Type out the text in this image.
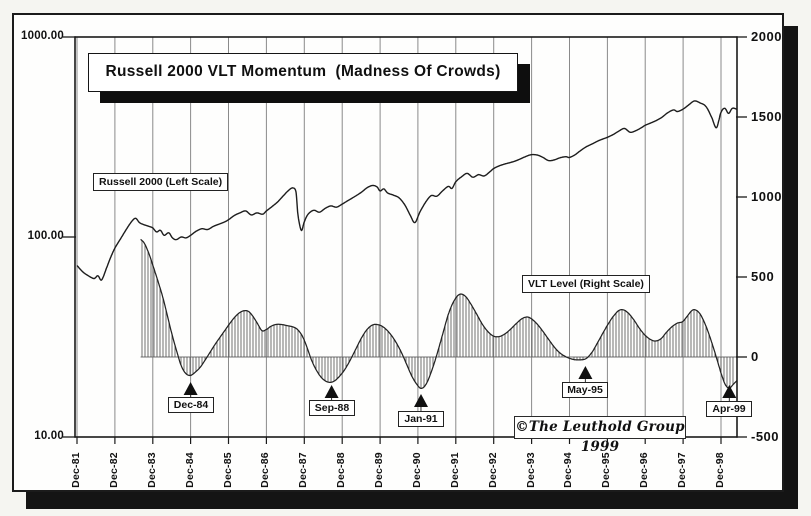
1000.00
100.00
10.00
2000
1500
1000
500
0
-500
Dec-81 Dec-82 Dec-83 Dec-84 Dec-85 Dec-86 Dec-87 Dec-88 Dec-89 Dec-90 Dec-91 Dec-92 Dec-93 Dec-94 Dec-95 Dec-96 Dec-97 Dec-98
Dec-84	Sep-88
Jan-91
May-95
Apr-99
Russell 2000 VLT Momentum  (Madness Of Crowds)
Russell 2000 (Left Scale)
VLT Level (Right Scale)
©The Leuthold Group 1999
